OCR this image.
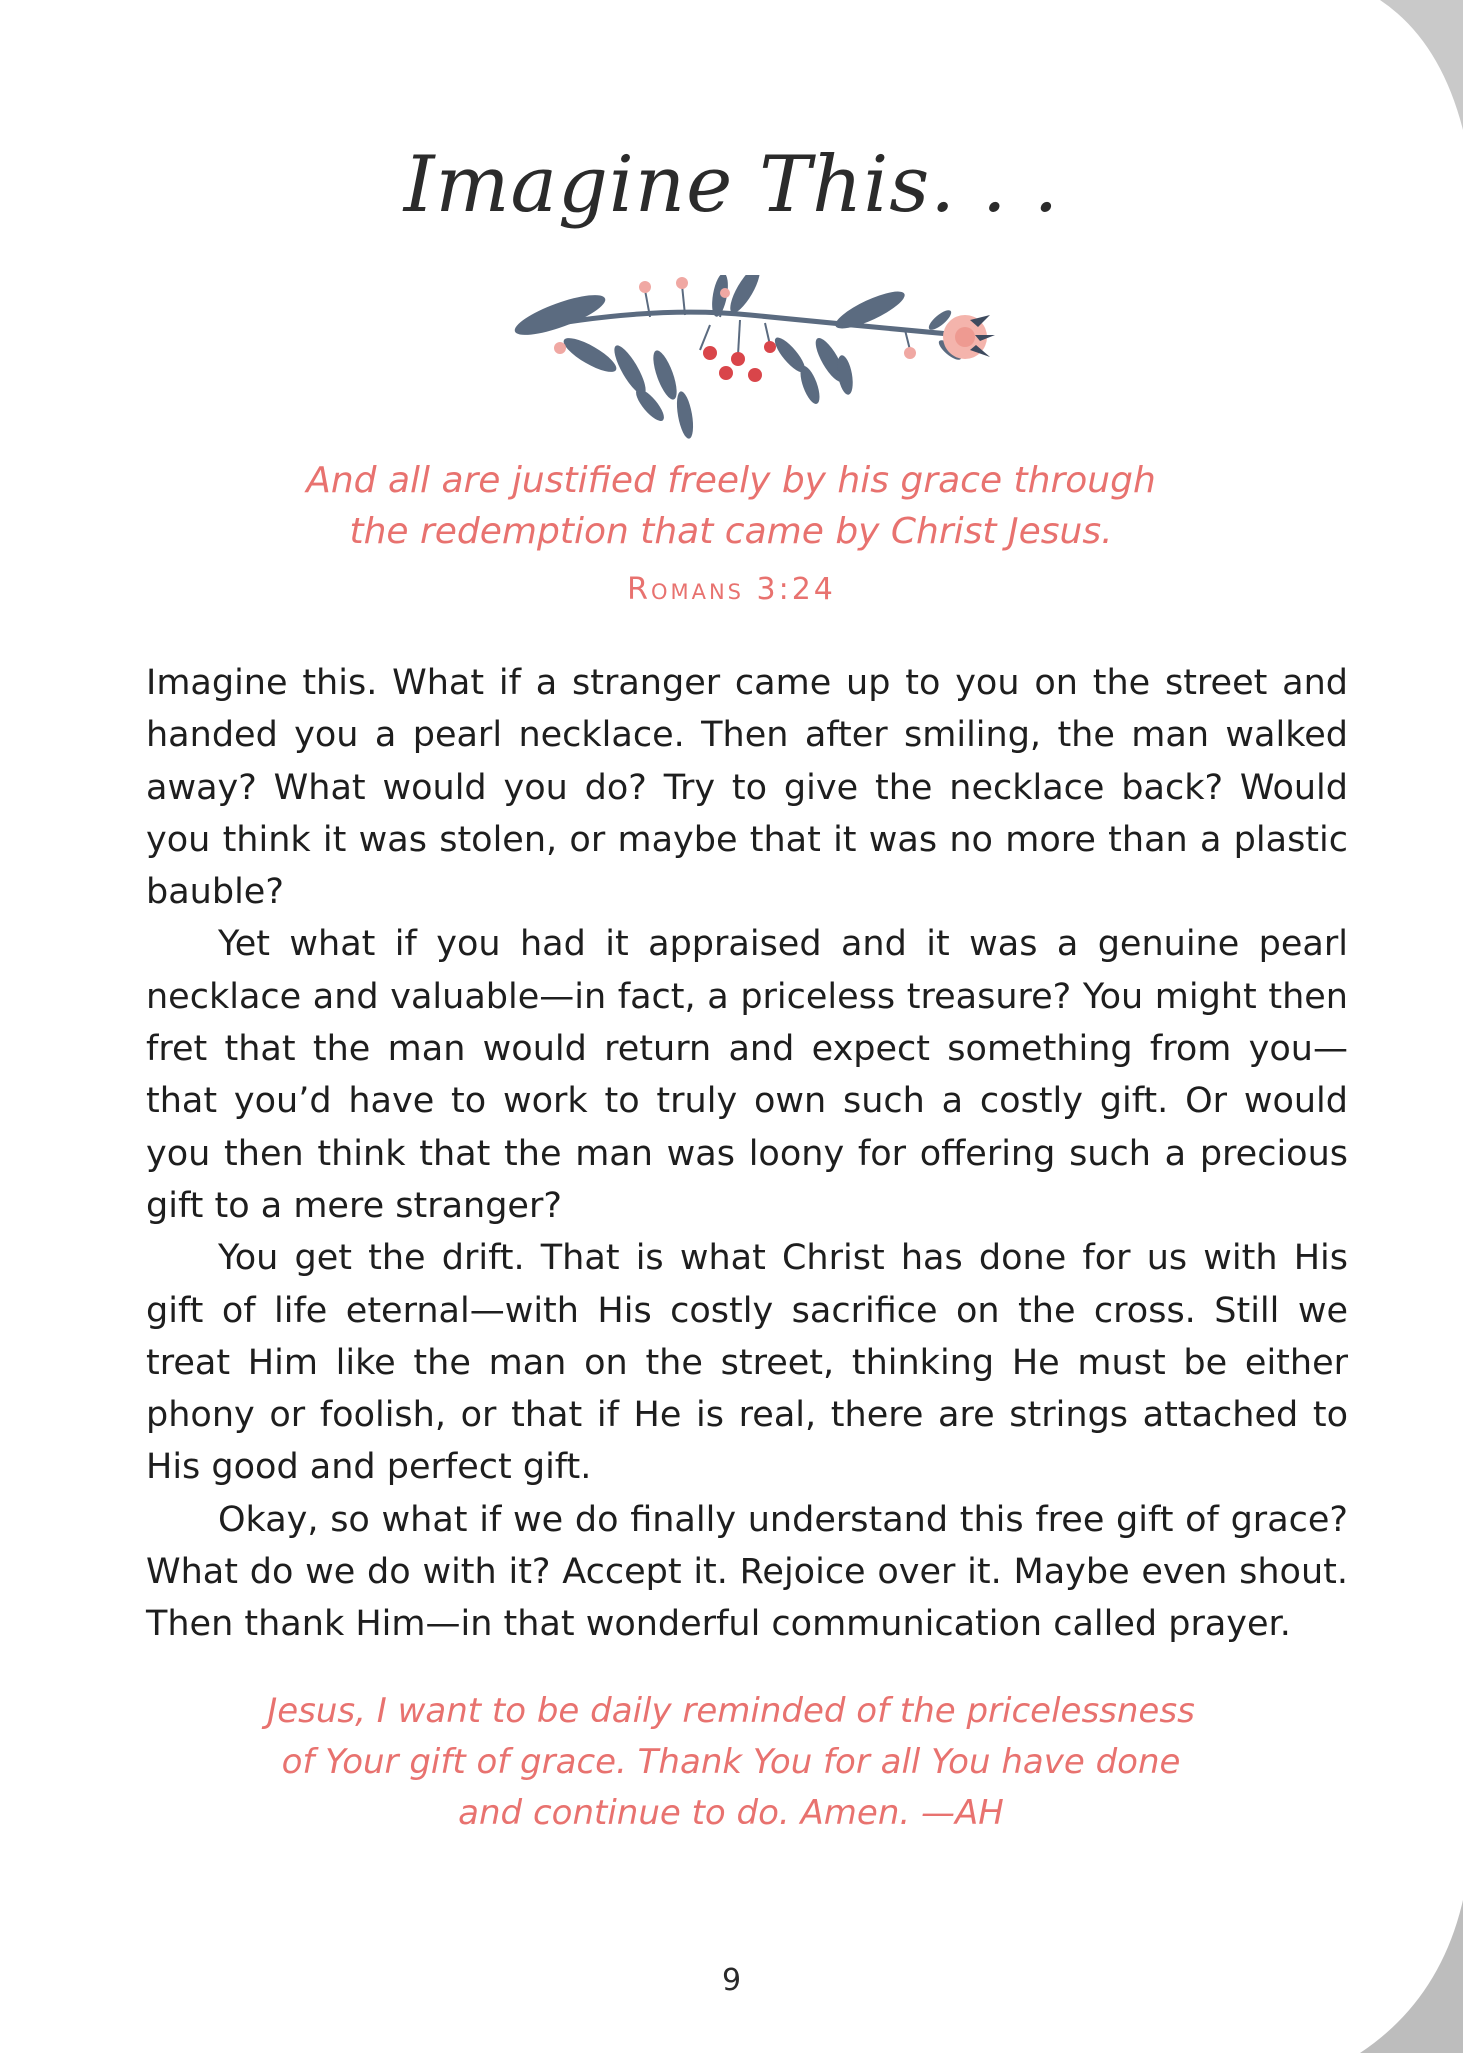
Imagine This. . .
And all are justified freely by his grace through
the redemption that came by Christ Jesus.
Romans 3:24

Imagine this. What if a stranger came up to you on the street and handed you a pearl necklace. Then after smiling, the man walked away? What would you do? Try to give the necklace back? Would you think it was stolen, or maybe that it was no more than a plastic bauble?

Yet what if you had it appraised and it was a genuine pearl necklace and valuable—in fact, a priceless treasure? You might then fret that the man would return and expect something from you—that you’d have to work to truly own such a costly gift. Or would you then think that the man was loony for offering such a precious gift to a mere stranger?

You get the drift. That is what Christ has done for us with His gift of life eternal—with His costly sacrifice on the cross. Still we treat Him like the man on the street, thinking He must be either phony or foolish, or that if He is real, there are strings attached to His good and perfect gift.

Okay, so what if we do finally understand this free gift of grace? What do we do with it? Accept it. Rejoice over it. Maybe even shout. Then thank Him—in that wonderful communication called prayer.

Jesus, I want to be daily reminded of the pricelessness
of Your gift of grace. Thank You for all You have done
and continue to do. Amen. —AH
9
